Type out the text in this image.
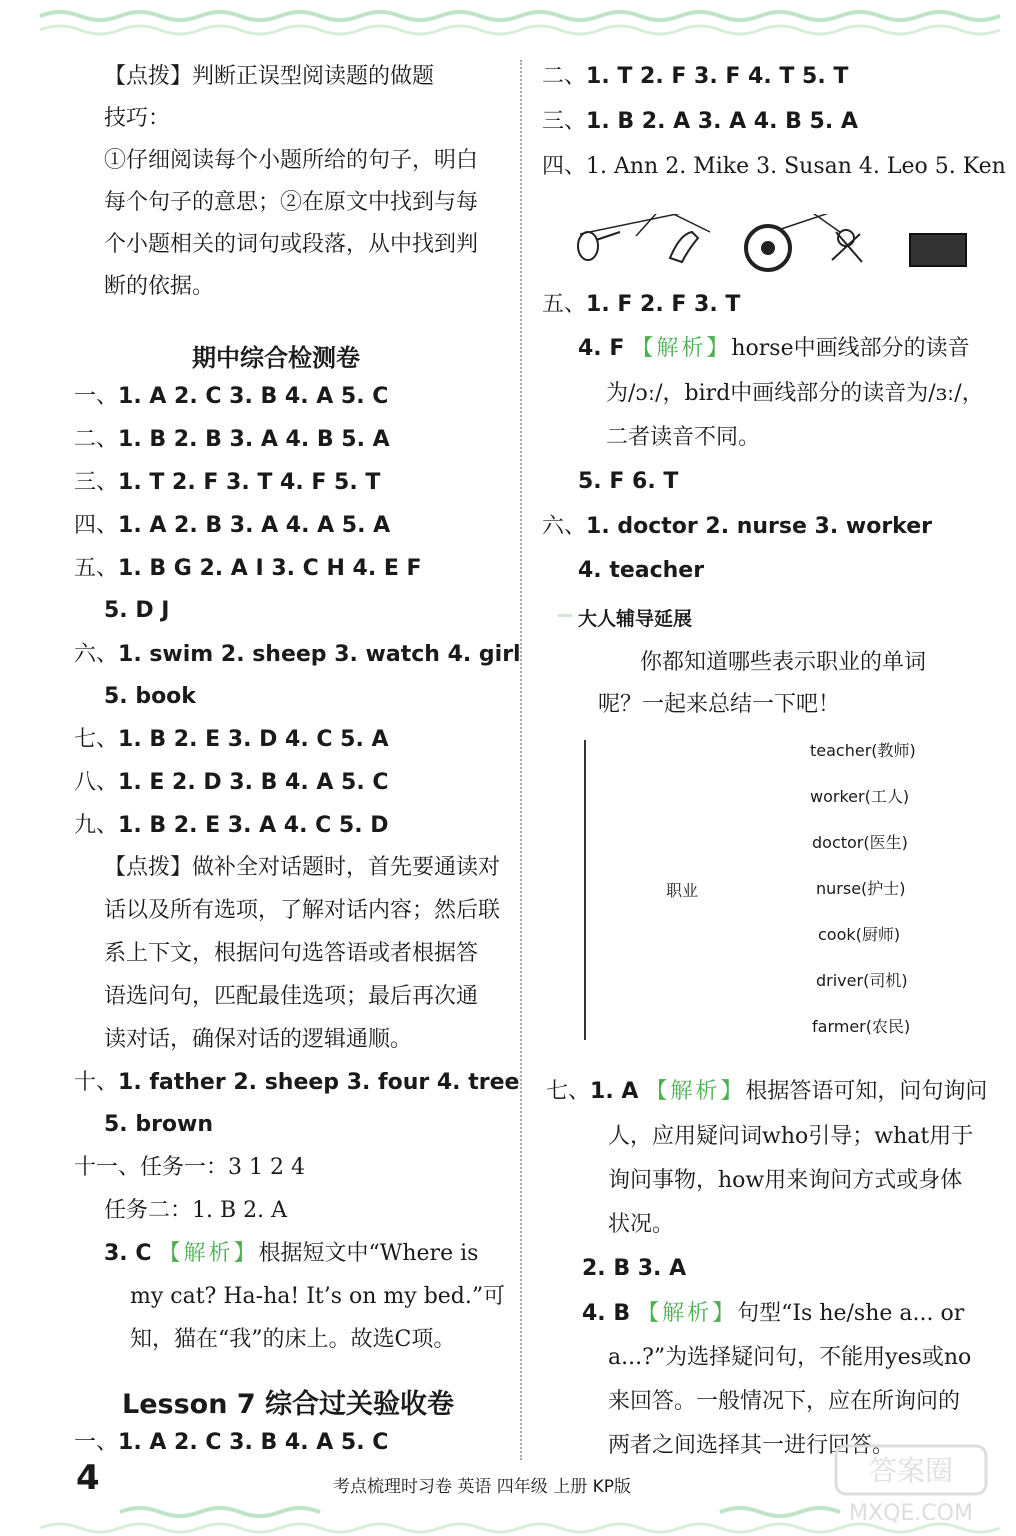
【点拨】判断正误型阅读题的做题
技巧：
①仔细阅读每个小题所给的句子，明白
每个句子的意思；②在原文中找到与每
个小题相关的词句或段落，从中找到判
断的依据。
期中综合检测卷
一、1. A 2. C 3. B 4. A 5. C
二、1. B 2. B 3. A 4. B 5. A
三、1. T 2. F 3. T 4. F 5. T
四、1. A 2. B 3. A 4. A 5. A
五、1. B G 2. A I 3. C H 4. E F
5. D J
六、1. swim 2. sheep 3. watch 4. girl
5. book
七、1. B 2. E 3. D 4. C 5. A
八、1. E 2. D 3. B 4. A 5. C
九、1. B 2. E 3. A 4. C 5. D
【点拨】做补全对话题时，首先要通读对
话以及所有选项，了解对话内容；然后联
系上下文，根据问句选答语或者根据答
语选问句，匹配最佳选项；最后再次通
读对话，确保对话的逻辑通顺。
十、1. father 2. sheep 3. four 4. tree
5. brown
十一、任务一：3 1 2 4
任务二：1. B 2. A
3. C 【解析】根据短文中“Where is
my cat? Ha-ha! It’s on my bed.”可
知，猫在“我”的床上。故选C项。
Lesson 7 综合过关验收卷
一、1. A 2. C 3. B 4. A 5. C
二、1. T 2. F 3. F 4. T 5. T
三、1. B 2. A 3. A 4. B 5. A
四、1. Ann 2. Mike 3. Susan 4. Leo 5. Ken
五、1. F 2. F 3. T
4. F 【解析】horse中画线部分的读音
为/ɔː/，bird中画线部分的读音为/ɜː/，
二者读音不同。
5. F 6. T
六、1. doctor 2. nurse 3. worker
4. teacher
大人辅导延展
你都知道哪些表示职业的单词
呢？一起来总结一下吧！
职业
teacher(教师)
worker(工人)
doctor(医生)
nurse(护士)
cook(厨师)
driver(司机)
farmer(农民)
七、1. A 【解析】根据答语可知，问句询问
人，应用疑问词who引导；what用于
询问事物，how用来询问方式或身体
状况。
2. B 3. A
4. B 【解析】句型“Is he/she a... or
a...?”为选择疑问句，不能用yes或no
来回答。一般情况下，应在所询问的
两者之间选择其一进行回答。
4	考点梳理时习卷 英语 四年级 上册 KP版	答案圈
MXQE.COM
